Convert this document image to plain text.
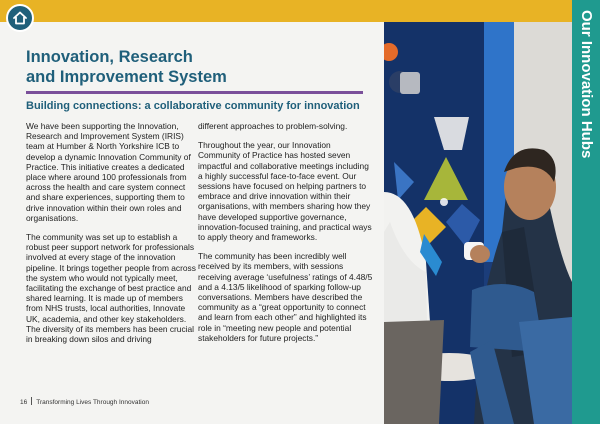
Our Innovation Hubs
Innovation, Research
and Improvement System
Building connections: a collaborative community for innovation

We have been supporting the Innovation, Research and Improvement System (IRIS) team at Humber & North Yorkshire ICB to develop a dynamic Innovation Community of Practice. This initiative creates a dedicated place where around 100 professionals from across the health and care system connect and share experiences, supporting them to drive innovation within their own roles and organisations.

The community was set up to establish a robust peer support network for professionals involved at every stage of the innovation pipeline. It brings together people from across the system who would not typically meet, facilitating the exchange of best practice and shared learning. It is made up of members from NHS trusts, local authorities, Innovate UK, academia, and other key stakeholders. The diversity of its members has been crucial in breaking down silos and driving

different approaches to problem-solving.

Throughout the year, our Innovation Community of Practice has hosted seven impactful and collaborative meetings including a highly successful face-to-face event. Our sessions have focused on helping partners to embrace and drive innovation within their organisations, with members sharing how they have developed supportive governance, innovation-focused training, and practical ways to apply theory and frameworks.

The community has been incredibly well received by its members, with sessions receiving average ‘usefulness’ ratings of 4.48/5 and a 4.13/5 likelihood of sparking follow-up conversations. Members have described the community as a “great opportunity to connect and learn from each other” and highlighted its role in “meeting new people and potential stakeholders for future projects.”

16 Transforming Lives Through Innovation
